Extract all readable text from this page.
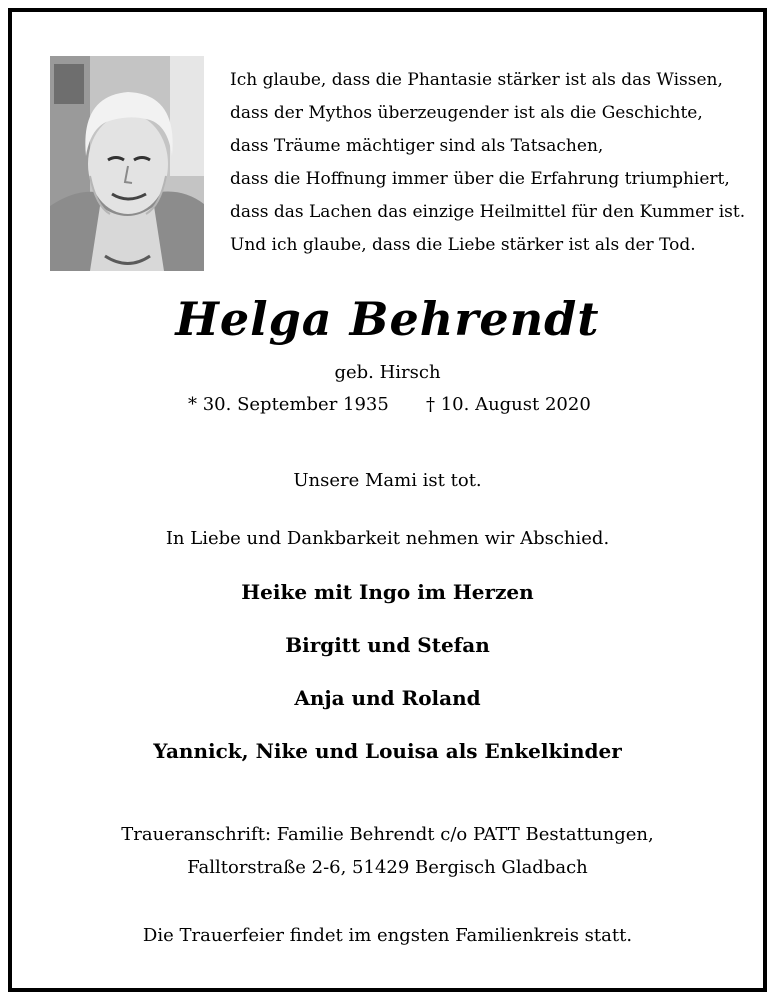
Ich glaube, dass die Phantasie stärker ist als das Wissen,
dass der Mythos überzeugender ist als die Geschichte,
dass Träume mächtiger sind als Tatsachen,
dass die Hoffnung immer über die Erfahrung triumphiert,
dass das Lachen das einzige Heilmittel für den Kummer ist.
Und ich glaube, dass die Liebe stärker ist als der Tod.
Helga Behrendt
geb. Hirsch
* 30. September 1935 † 10. August 2020
Unsere Mami ist tot.
In Liebe und Dankbarkeit nehmen wir Abschied.
Heike mit Ingo im Herzen
Birgitt und Stefan
Anja und Roland
Yannick, Nike und Louisa als Enkelkinder
Traueranschrift: Familie Behrendt c/o PATT Bestattungen,
Falltorstraße 2-6, 51429 Bergisch Gladbach
Die Trauerfeier findet im engsten Familienkreis statt.
